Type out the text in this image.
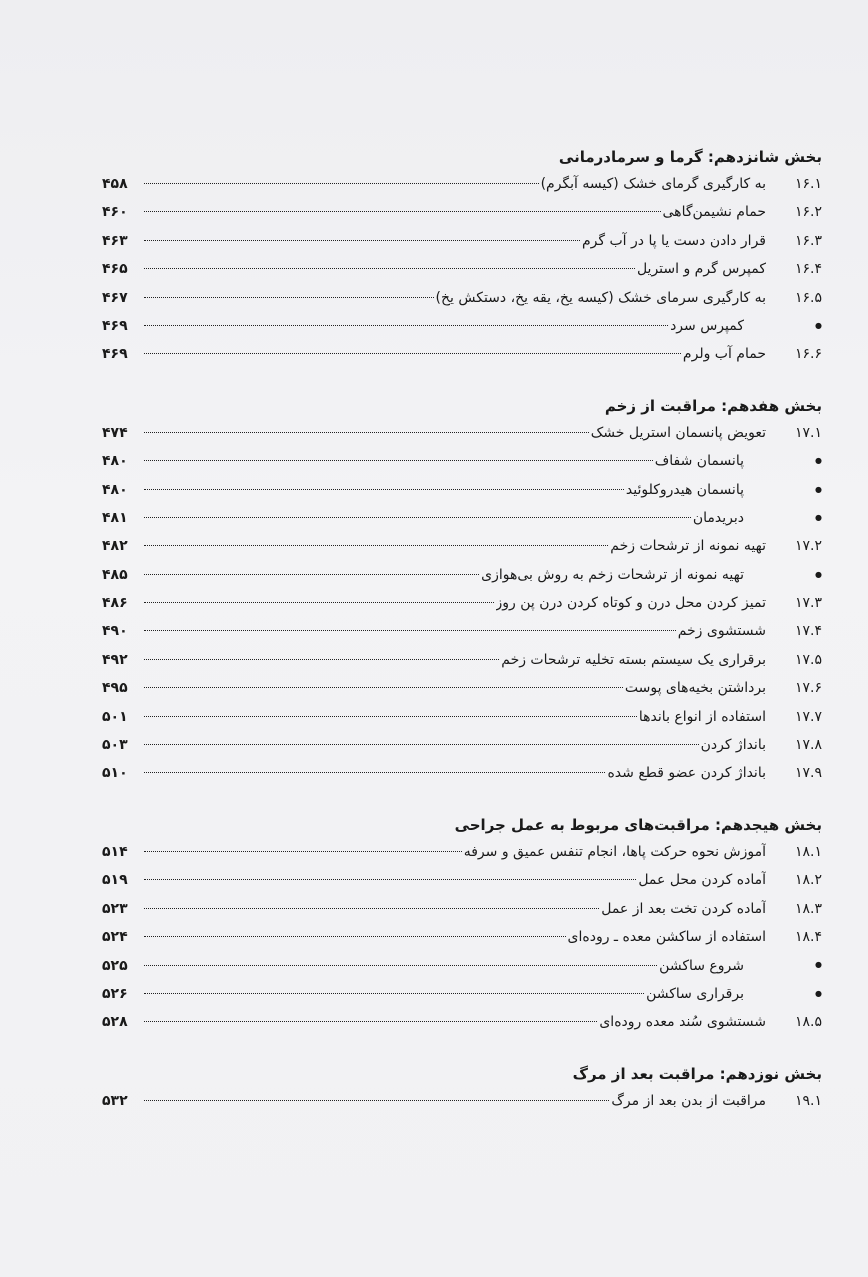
بخش شانزدهم: گرما و سرمادرمانی
۱۶.۱
به کارگیری گرمای خشک (کیسه آبگرم)
۴۵۸
۱۶.۲
حمام نشیمن‌گاهی
۴۶۰
۱۶.۳
قرار دادن دست یا پا در آب گرم
۴۶۳
۱۶.۴
کمپرس گرم و استریل
۴۶۵
۱۶.۵
به کارگیری سرمای خشک (کیسه یخ، یقه یخ، دستکش یخ)
۴۶۷
●
کمپرس سرد
۴۶۹
۱۶.۶
حمام آب ولرم
۴۶۹
بخش هفدهم: مراقبت از زخم
۱۷.۱
تعویض پانسمان استریل خشک
۴۷۴
●
پانسمان شفاف
۴۸۰
●
پانسمان هیدروکلوئید
۴۸۰
●
دبریدمان
۴۸۱
۱۷.۲
تهیه نمونه از ترشحات زخم
۴۸۲
●
تهیه نمونه از ترشحات زخم به روش بی‌هوازی
۴۸۵
۱۷.۳
تمیز کردن محل درن و کوتاه کردن درن پن روز
۴۸۶
۱۷.۴
شستشوی زخم
۴۹۰
۱۷.۵
برقراری یک سیستم بسته تخلیه ترشحات زخم
۴۹۲
۱۷.۶
برداشتن بخیه‌های پوست
۴۹۵
۱۷.۷
استفاده از انواع باندها
۵۰۱
۱۷.۸
بانداژ کردن
۵۰۳
۱۷.۹
بانداژ کردن عضو قطع شده
۵۱۰
بخش هیجدهم: مراقبت‌های مربوط به عمل جراحی
۱۸.۱
آموزش نحوه حرکت پاها، انجام تنفس عمیق و سرفه
۵۱۴
۱۸.۲
آماده کردن محل عمل
۵۱۹
۱۸.۳
آماده کردن تخت بعد از عمل
۵۲۳
۱۸.۴
استفاده از ساکشن معده ـ روده‌ای
۵۲۴
●
شروع ساکشن
۵۲۵
●
برقراری ساکشن
۵۲۶
۱۸.۵
شستشوی سُند معده روده‌ای
۵۲۸
بخش نوزدهم: مراقبت بعد از مرگ
۱۹.۱
مراقبت از بدن بعد از مرگ
۵۳۲
